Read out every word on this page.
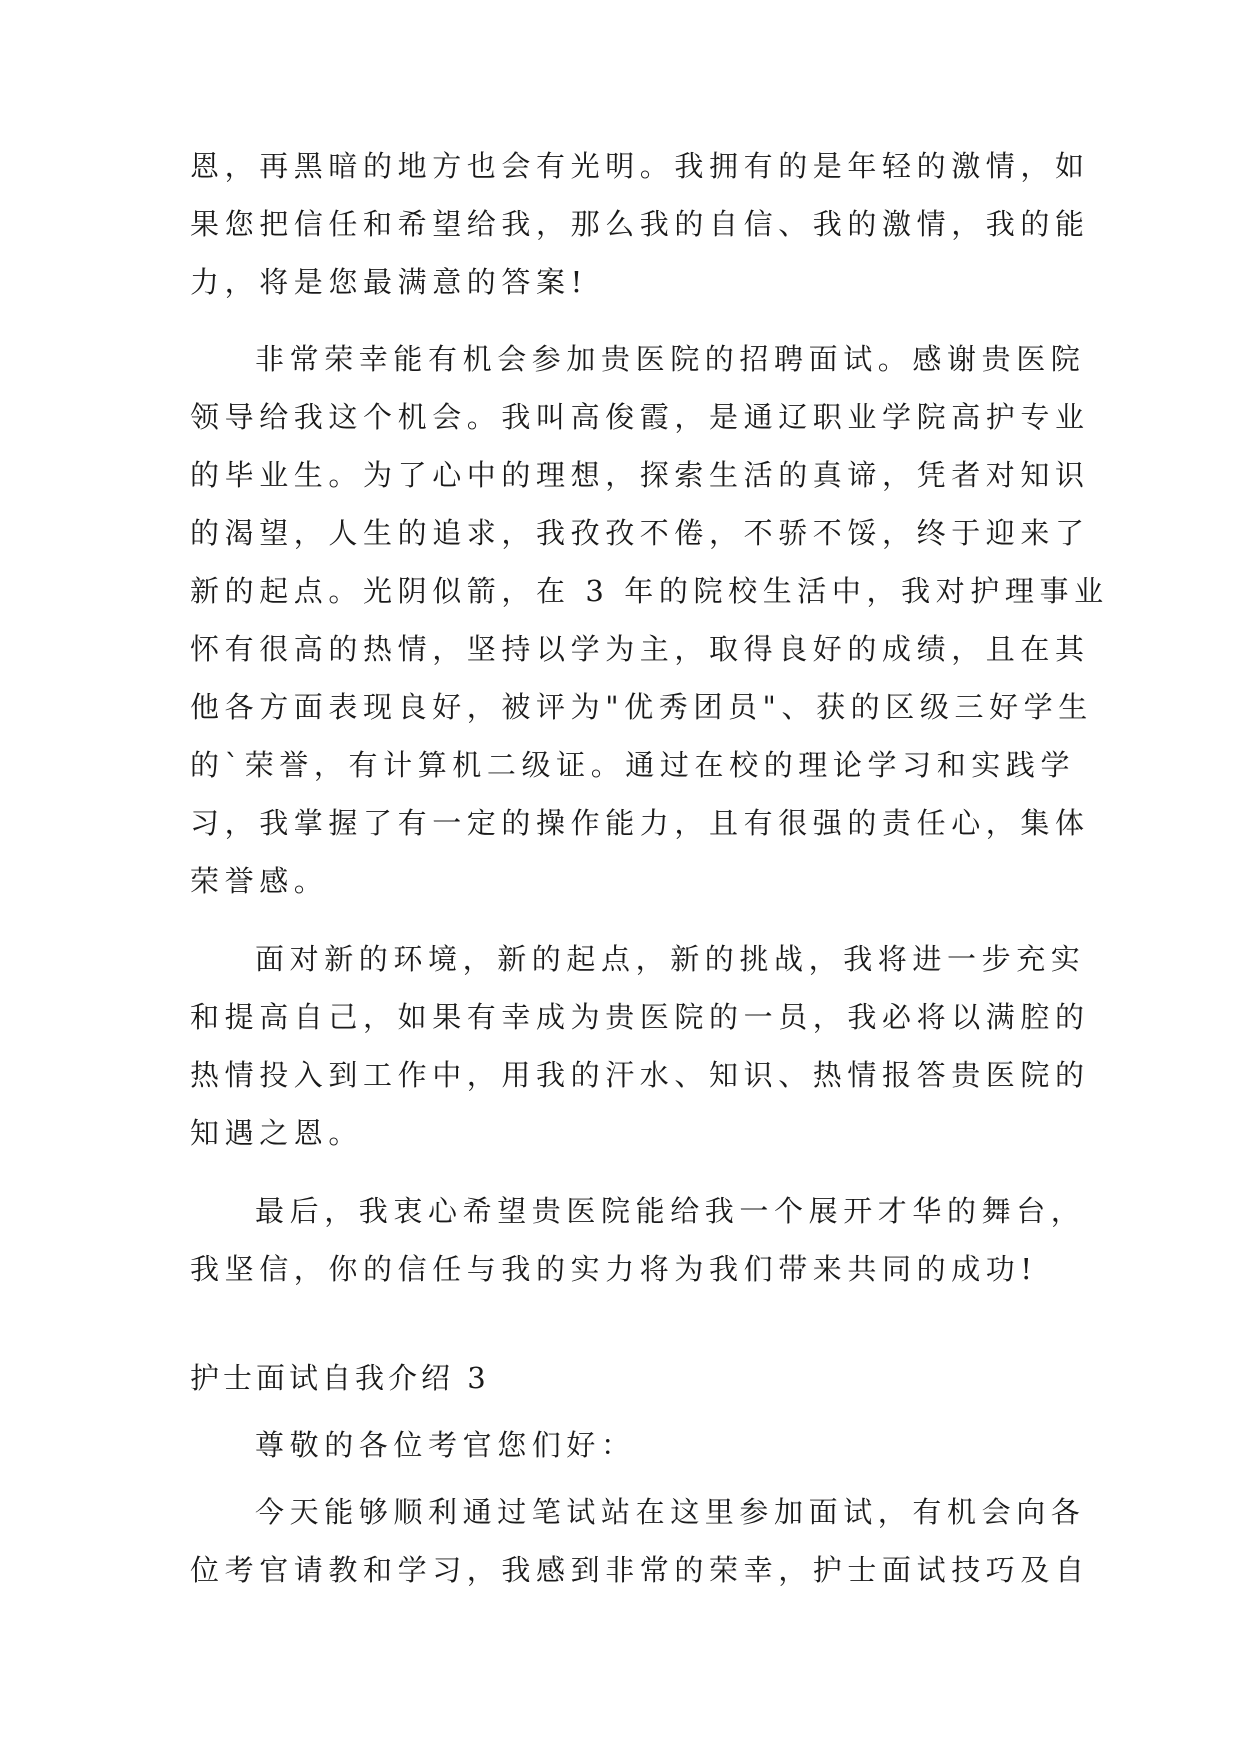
恩，再黑暗的地方也会有光明。我拥有的是年轻的激情，如

果您把信任和希望给我，那么我的自信、我的激情，我的能

力，将是您最满意的答案!

非常荣幸能有机会参加贵医院的招聘面试。感谢贵医院

领导给我这个机会。我叫高俊霞，是通辽职业学院高护专业

的毕业生。为了心中的理想，探索生活的真谛，凭者对知识

的渴望，人生的追求，我孜孜不倦，不骄不馁，终于迎来了

新的起点。光阴似箭，在 3 年的院校生活中，我对护理事业

怀有很高的热情，坚持以学为主，取得良好的成绩，且在其

他各方面表现良好，被评为"优秀团员"、获的区级三好学生

的`荣誉，有计算机二级证。通过在校的理论学习和实践学

习，我掌握了有一定的操作能力，且有很强的责任心，集体

荣誉感。

面对新的环境，新的起点，新的挑战，我将进一步充实

和提高自己，如果有幸成为贵医院的一员，我必将以满腔的

热情投入到工作中，用我的汗水、知识、热情报答贵医院的

知遇之恩。

最后，我衷心希望贵医院能给我一个展开才华的舞台，

我坚信，你的信任与我的实力将为我们带来共同的成功!

护士面试自我介绍 3

尊敬的各位考官您们好：

今天能够顺利通过笔试站在这里参加面试，有机会向各

位考官请教和学习，我感到非常的荣幸，护士面试技巧及自
